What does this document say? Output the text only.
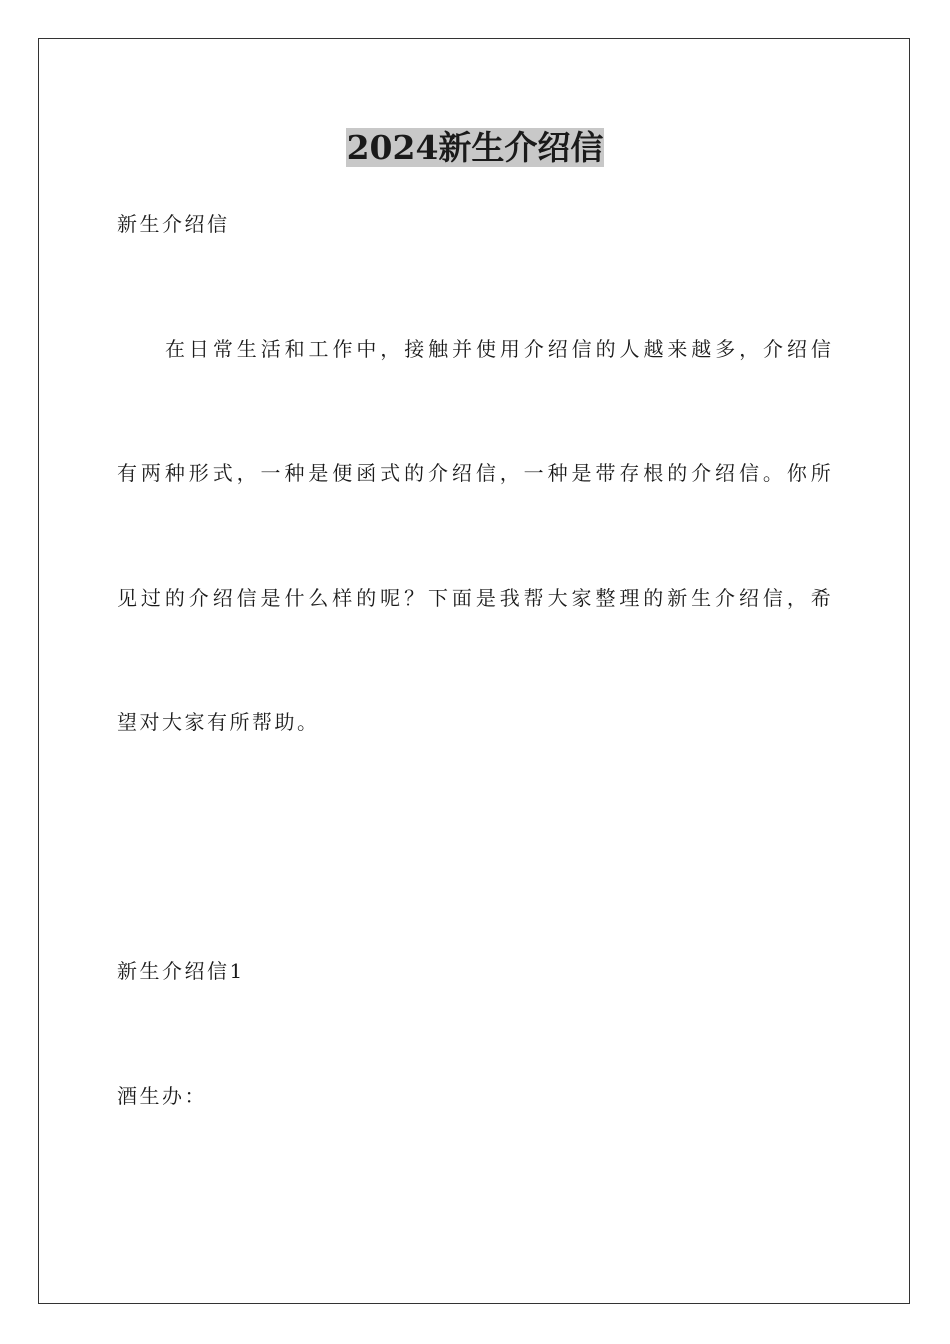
2024新生介绍信
新生介绍信
在 日 常 生 活 和 工 作 中 ， 接 触 并 使 用 介 绍 信 的 人 越 来 越 多 ， 介 绍 信
有 两 种 形 式 ， 一 种 是 便 函 式 的 介 绍 信 ， 一 种 是 带 存 根 的 介 绍 信 。 你 所
见 过 的 介 绍 信 是 什 么 样 的 呢 ？ 下 面 是 我 帮 大 家 整 理 的 新 生 介 绍 信 ， 希
望对大家有所帮助。
新生介绍信1
酒生办：
